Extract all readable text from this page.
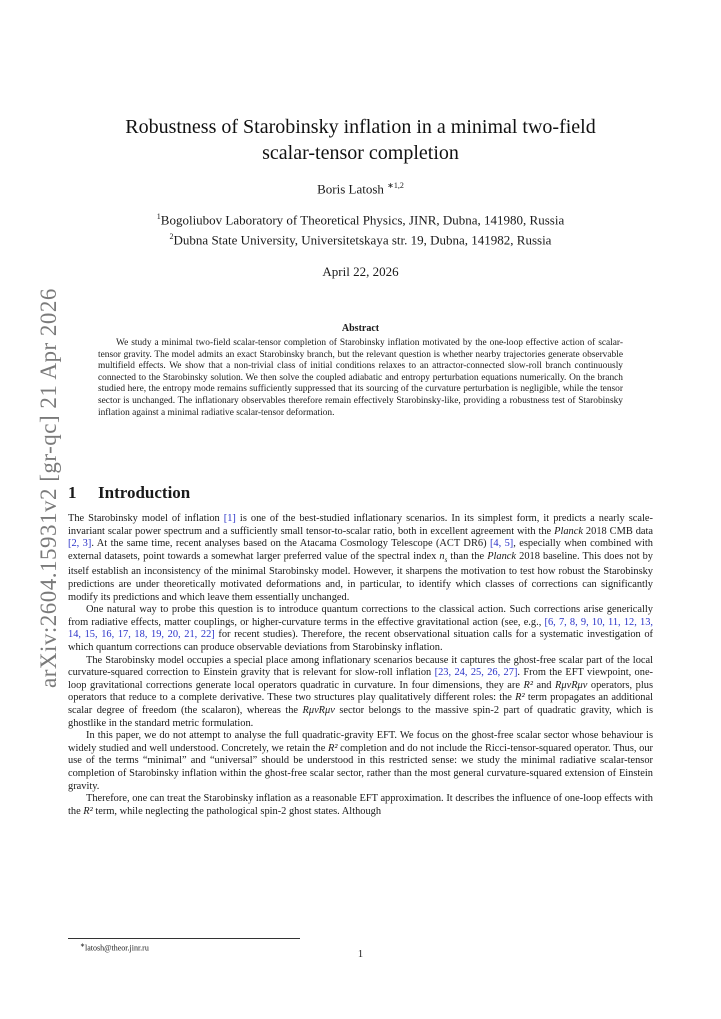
arXiv:2604.15931v2 [gr-qc] 21 Apr 2026
Robustness of Starobinsky inflation in a minimal two-field
scalar-tensor completion
Boris Latosh $^{∗1,2}$
$^1$Bogoliubov Laboratory of Theoretical Physics, JINR, Dubna, 141980, Russia
$^2$Dubna State University, Universitetskaya str. 19, Dubna, 141982, Russia
April 22, 2026
Abstract
We study a minimal two-field scalar-tensor completion of Starobinsky inflation motivated by the one-loop effective action of scalar-tensor gravity. The model admits an exact Starobinsky branch, but the relevant question is whether nearby trajectories generate observable multifield effects. We show that a non-trivial class of initial conditions relaxes to an attractor-connected slow-roll branch continuously connected to the Starobinsky solution. We then solve the coupled adiabatic and entropy perturbation equations numerically. On the branch studied here, the entropy mode remains sufficiently suppressed that its sourcing of the curvature perturbation is negligible, while the tensor sector is unchanged. The inflationary observables therefore remain effectively Starobinsky-like, providing a robustness test of Starobinsky inflation against a minimal radiative scalar-tensor deformation.
1 Introduction

The Starobinsky model of inflation [1] is one of the best-studied inflationary scenarios. In its simplest form, it predicts a nearly scale-invariant scalar power spectrum and a sufficiently small tensor-to-scalar ratio, both in excellent agreement with the Planck 2018 CMB data [2, 3]. At the same time, recent analyses based on the Atacama Cosmology Telescope (ACT DR6) [4, 5], especially when combined with external datasets, point towards a somewhat larger preferred value of the spectral index $n_s$ than the Planck 2018 baseline. This does not by itself establish an inconsistency of the minimal Starobinsky model. However, it sharpens the motivation to test how robust the Starobinsky predictions are under theoretically motivated deformations and, in particular, to identify which classes of corrections can significantly modify its predictions and which leave them essentially unchanged.

One natural way to probe this question is to introduce quantum corrections to the classical action. Such corrections arise generically from radiative effects, matter couplings, or higher-curvature terms in the effective gravitational action (see, e.g., [6, 7, 8, 9, 10, 11, 12, 13, 14, 15, 16, 17, 18, 19, 20, 21, 22] for recent studies). Therefore, the recent observational situation calls for a systematic investigation of which quantum corrections can produce observable deviations from Starobinsky inflation.

The Starobinsky model occupies a special place among inflationary scenarios because it captures the ghost-free scalar part of the local curvature-squared correction to Einstein gravity that is relevant for slow-roll inflation [23, 24, 25, 26, 27]. From the EFT viewpoint, one-loop gravitational corrections generate local operators quadratic in curvature. In four dimensions, they are R² and RμνRμν operators, plus operators that reduce to a complete derivative. These two structures play qualitatively different roles: the R² term propagates an additional scalar degree of freedom (the scalaron), whereas the RμνRμν sector belongs to the massive spin-2 part of quadratic gravity, which is ghostlike in the standard metric formulation.

In this paper, we do not attempt to analyse the full quadratic-gravity EFT. We focus on the ghost-free scalar sector whose behaviour is widely studied and well understood. Concretely, we retain the R² completion and do not include the Ricci-tensor-squared operator. Thus, our use of the terms “minimal” and “universal” should be understood in this restricted sense: we study the minimal radiative scalar-tensor completion of Starobinsky inflation within the ghost-free scalar sector, rather than the most general curvature-squared extension of Einstein gravity.

Therefore, one can treat the Starobinsky inflation as a reasonable EFT approximation. It describes the influence of one-loop effects with the R² term, while neglecting the pathological spin-2 ghost states. Although

∗latosh@theor.jinr.ru
1
